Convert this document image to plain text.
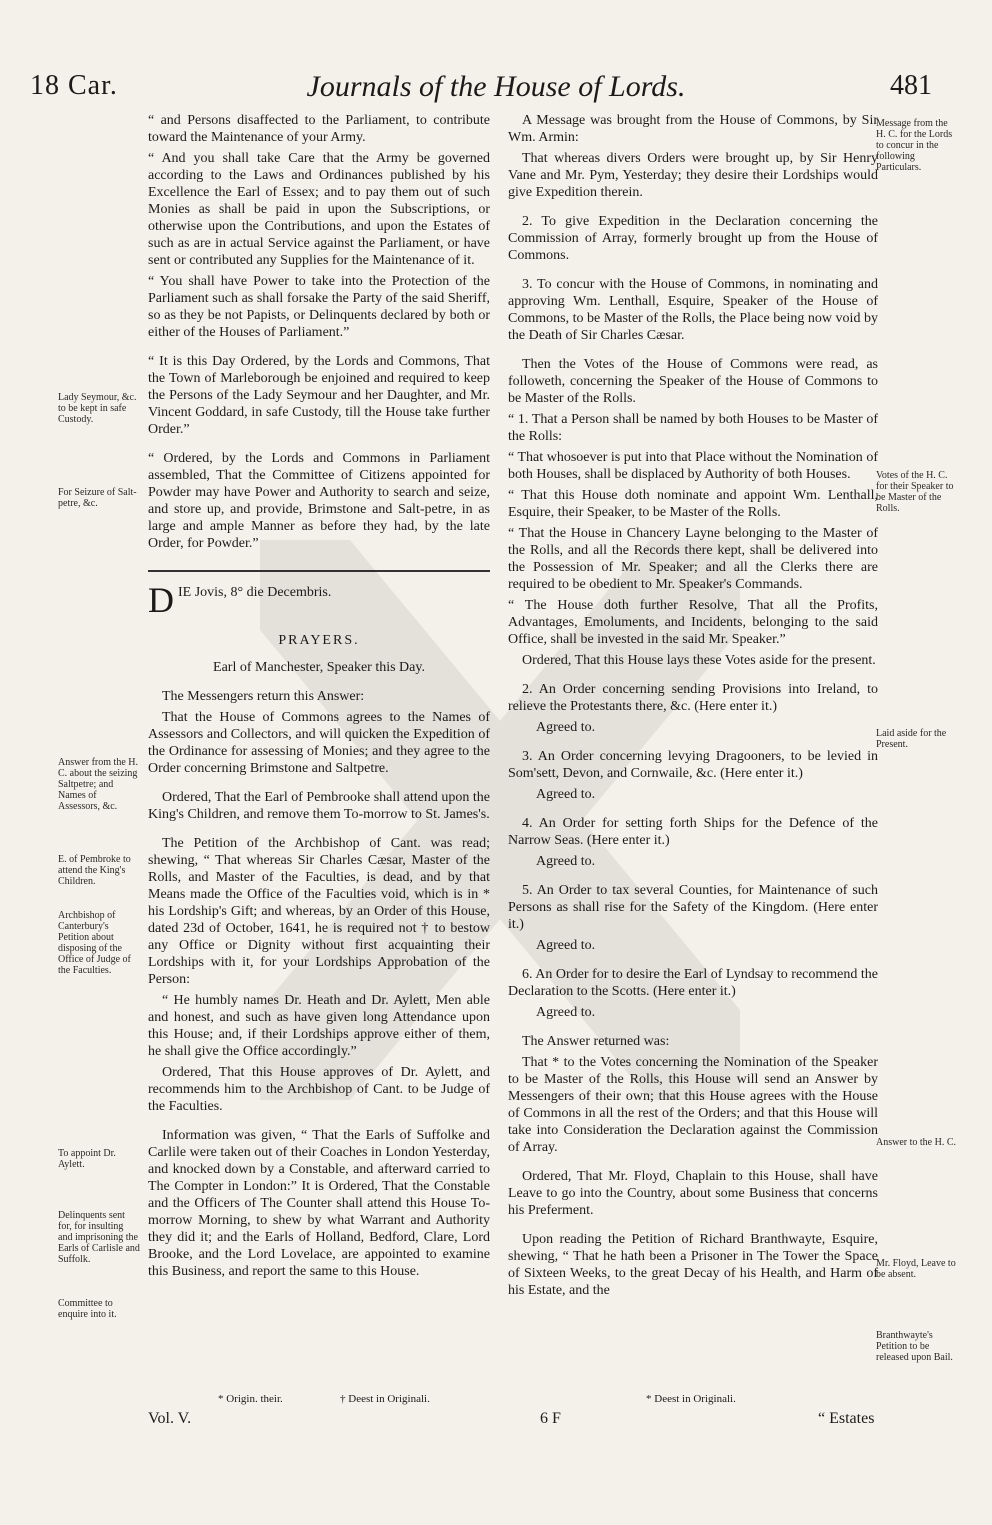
18 Car.	Journals of the House of Lords.	481
Lady Seymour, &c. to be kept in safe Custody.
For Seizure of Salt-petre, &c.
Answer from the H. C. about the seizing Saltpetre; and Names of Assessors, &c.
E. of Pembroke to attend the King's Children.
Archbishop of Canterbury's Petition about disposing of the Office of Judge of the Faculties.
To appoint Dr. Aylett.
Delinquents sent for, for insulting and imprisoning the Earls of Carlisle and Suffolk.
Committee to enquire into it.
Message from the H. C. for the Lords to concur in the following Particulars.
Votes of the H. C. for their Speaker to be Master of the Rolls.
Laid aside for the Present.
Answer to the H. C.
Mr. Floyd, Leave to be absent.
Branthwayte's Petition to be released upon Bail.

“ and Persons disaffected to the Parliament, to contribute toward the Maintenance of your Army.

“ And you shall take Care that the Army be governed according to the Laws and Ordinances published by his Excellence the Earl of Essex; and to pay them out of such Monies as shall be paid in upon the Subscriptions, or otherwise upon the Contributions, and upon the Estates of such as are in actual Service against the Parliament, or have sent or contributed any Supplies for the Maintenance of it.

“ You shall have Power to take into the Protection of the Parliament such as shall forsake the Party of the said Sheriff, so as they be not Papists, or Delinquents declared by both or either of the Houses of Parliament.”

“ It is this Day Ordered, by the Lords and Commons, That the Town of Marleborough be enjoined and required to keep the Persons of the Lady Seymour and her Daughter, and Mr. Vincent Goddard, in safe Custody, till the House take further Order.”

“ Ordered, by the Lords and Commons in Parliament assembled, That the Committee of Citizens appointed for Powder may have Power and Authority to search and seize, and store up, and provide, Brimstone and Salt-petre, in as large and ample Manner as before they had, by the late Order, for Powder.”

D IE Jovis, 8° die Decembris.
PRAYERS.

Earl of Manchester, Speaker this Day.

The Messengers return this Answer:

That the House of Commons agrees to the Names of Assessors and Collectors, and will quicken the Expedition of the Ordinance for assessing of Monies; and they agree to the Order concerning Brimstone and Saltpetre.

Ordered, That the Earl of Pembrooke shall attend upon the King's Children, and remove them To-morrow to St. James's.

The Petition of the Archbishop of Cant. was read; shewing, “ That whereas Sir Charles Cæsar, Master of the Rolls, and Master of the Faculties, is dead, and by that Means made the Office of the Faculties void, which is in * his Lordship's Gift; and whereas, by an Order of this House, dated 23d of October, 1641, he is required not † to bestow any Office or Dignity without first acquainting their Lordships with it, for your Lordships Approbation of the Person:

“ He humbly names Dr. Heath and Dr. Aylett, Men able and honest, and such as have given long Attendance upon this House; and, if their Lordships approve either of them, he shall give the Office accordingly.”

Ordered, That this House approves of Dr. Aylett, and recommends him to the Archbishop of Cant. to be Judge of the Faculties.

Information was given, “ That the Earls of Suffolke and Carlile were taken out of their Coaches in London Yesterday, and knocked down by a Constable, and afterward carried to The Compter in London:” It is Ordered, That the Constable and the Officers of The Counter shall attend this House To-morrow Morning, to shew by what Warrant and Authority they did it; and the Earls of Holland, Bedford, Clare, Lord Brooke, and the Lord Lovelace, are appointed to examine this Business, and report the same to this House.

A Message was brought from the House of Commons, by Sir Wm. Armin:

That whereas divers Orders were brought up, by Sir Henry Vane and Mr. Pym, Yesterday; they desire their Lordships would give Expedition therein.

2. To give Expedition in the Declaration concerning the Commission of Array, formerly brought up from the House of Commons.

3. To concur with the House of Commons, in nominating and approving Wm. Lenthall, Esquire, Speaker of the House of Commons, to be Master of the Rolls, the Place being now void by the Death of Sir Charles Cæsar.

Then the Votes of the House of Commons were read, as followeth, concerning the Speaker of the House of Commons to be Master of the Rolls.

“ 1. That a Person shall be named by both Houses to be Master of the Rolls:

“ That whosoever is put into that Place without the Nomination of both Houses, shall be displaced by Authority of both Houses.

“ That this House doth nominate and appoint Wm. Lenthall, Esquire, their Speaker, to be Master of the Rolls.

“ That the House in Chancery Layne belonging to the Master of the Rolls, and all the Records there kept, shall be delivered into the Possession of Mr. Speaker; and all the Clerks there are required to be obedient to Mr. Speaker's Commands.

“ The House doth further Resolve, That all the Profits, Advantages, Emoluments, and Incidents, belonging to the said Office, shall be invested in the said Mr. Speaker.”

Ordered, That this House lays these Votes aside for the present.

2. An Order concerning sending Provisions into Ireland, to relieve the Protestants there, &c. (Here enter it.)

Agreed to.

3. An Order concerning levying Dragooners, to be levied in Som'sett, Devon, and Cornwaile, &c. (Here enter it.)

Agreed to.

4. An Order for setting forth Ships for the Defence of the Narrow Seas. (Here enter it.)

Agreed to.

5. An Order to tax several Counties, for Maintenance of such Persons as shall rise for the Safety of the Kingdom. (Here enter it.)

Agreed to.

6. An Order for to desire the Earl of Lyndsay to recommend the Declaration to the Scotts. (Here enter it.)

Agreed to.

The Answer returned was:

That * to the Votes concerning the Nomination of the Speaker to be Master of the Rolls, this House will send an Answer by Messengers of their own; that this House agrees with the House of Commons in all the rest of the Orders; and that this House will take into Consideration the Declaration against the Commission of Array.

Ordered, That Mr. Floyd, Chaplain to this House, shall have Leave to go into the Country, about some Business that concerns his Preferment.

Upon reading the Petition of Richard Branthwayte, Esquire, shewing, “ That he hath been a Prisoner in The Tower the Space of Sixteen Weeks, to the great Decay of his Health, and Harm of his Estate, and the

* Origin. their.	† Deest in Originali.	* Deest in Originali.
Vol. V.	6 F	“ Estates
